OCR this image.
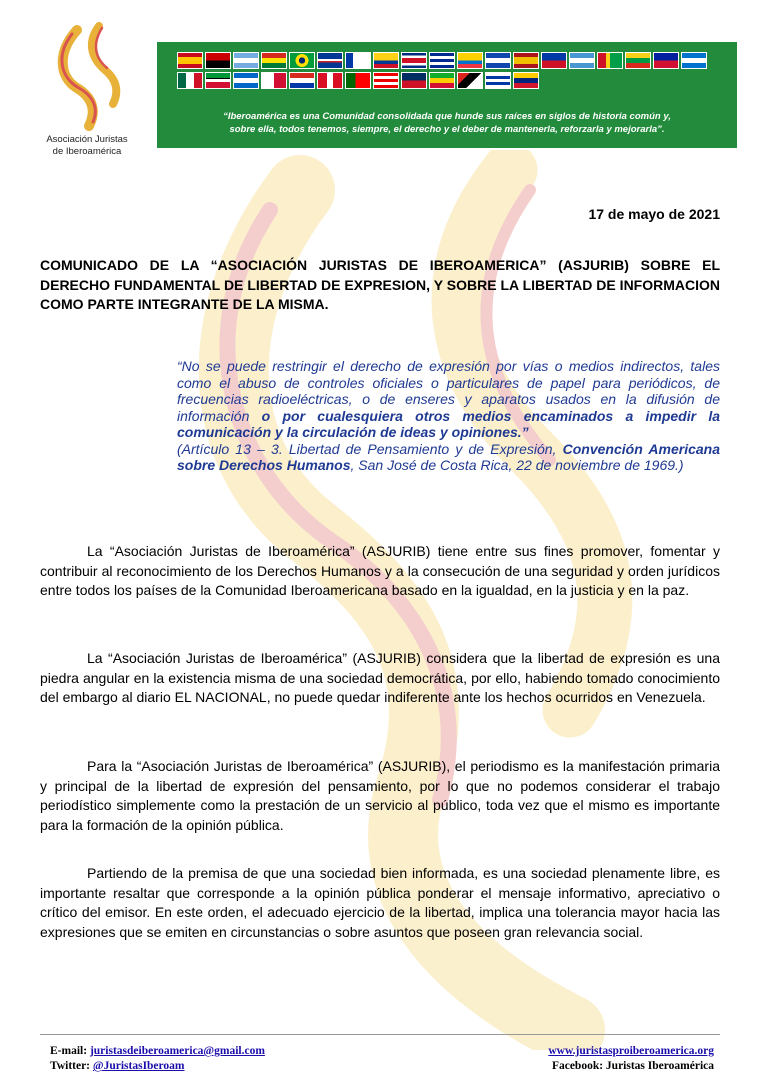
Asociación Juristas
de Iberoamérica
“Iberoamérica es una Comunidad consolidada que hunde sus raíces en siglos de historia común y,
sobre ella, todos tenemos, siempre, el derecho y el deber de mantenerla, reforzarla y mejorarla”.
17 de mayo de 2021
COMUNICADO DE LA “ASOCIACIÓN JURISTAS DE IBEROAMERICA” (ASJURIB) SOBRE EL DERECHO FUNDAMENTAL DE LIBERTAD DE EXPRESION, Y SOBRE LA LIBERTAD DE INFORMACION COMO PARTE INTEGRANTE DE LA MISMA.
“No se puede restringir el derecho de expresión por vías o medios indirectos, tales como el abuso de controles oficiales o particulares de papel para periódicos, de frecuencias radioeléctricas, o de enseres y aparatos usados en la difusión de información o por cualesquiera otros medios encaminados a impedir la comunicación y la circulación de ideas y opiniones.”
(Artículo 13 – 3. Libertad de Pensamiento y de Expresión, Convención Americana sobre Derechos Humanos, San José de Costa Rica, 22 de noviembre de 1969.)

La “Asociación Juristas de Iberoamérica” (ASJURIB) tiene entre sus fines promover, fomentar y contribuir al reconocimiento de los Derechos Humanos y a la consecución de una seguridad y orden jurídicos entre todos los países de la Comunidad Iberoamericana basado en la igualdad, en la justicia y en la paz.

La “Asociación Juristas de Iberoamérica” (ASJURIB) considera que la libertad de expresión es una piedra angular en la existencia misma de una sociedad democrática, por ello, habiendo tomado conocimiento del embargo al diario EL NACIONAL, no puede quedar indiferente ante los hechos ocurridos en Venezuela.

Para la “Asociación Juristas de Iberoamérica” (ASJURIB), el periodismo es la manifestación primaria y principal de la libertad de expresión del pensamiento, por lo que no podemos considerar el trabajo periodístico simplemente como la prestación de un servicio al público, toda vez que el mismo es importante para la formación de la opinión pública.

Partiendo de la premisa de que una sociedad bien informada, es una sociedad plenamente libre, es importante resaltar que corresponde a la opinión pública ponderar el mensaje informativo, apreciativo o crítico del emisor. En este orden, el adecuado ejercicio de la libertad, implica una tolerancia mayor hacia las expresiones que se emiten en circunstancias o sobre asuntos que poseen gran relevancia social.

E-mail: juristasdeiberoamerica@gmail.com
Twitter: @JuristasIberoam
www.juristasproiberoamerica.org
Facebook: Juristas Iberoamérica
